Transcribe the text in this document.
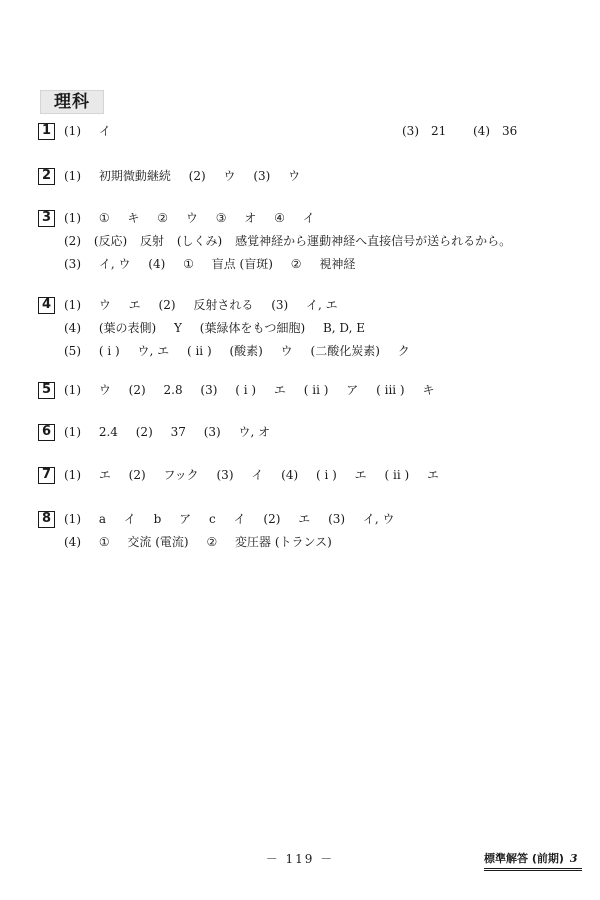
理科
1	(1) イ	(3) 21 (4) 36
2	(1) 初期微動継続 (2) ウ (3) ウ
3	(1) ① キ ② ウ ③ オ ④ イ
(2) (反応) 反射 (しくみ) 感覚神経から運動神経へ直接信号が送られるから。
(3) イ, ウ (4) ① 盲点 (盲斑) ② 視神経
4	(1) ウ エ (2) 反射される (3) イ, エ
(4) (葉の表側) Y (葉緑体をもつ細胞) B, D, E
(5) ( i ) ウ, エ ( ii ) (酸素) ウ (二酸化炭素) ク
5	(1) ウ (2) 2.8 (3) ( i ) エ ( ii ) ア ( iii ) キ
6	(1) 2.4 (2) 37 (3) ウ, オ
7	(1) エ (2) フック (3) イ (4) ( i ) エ ( ii ) エ
8	(1) a イ b ア c イ (2) エ (3) イ, ウ
(4) ① 交流 (電流) ② 変圧器 (トランス)
－ 119 －	標準解答 (前期) 3
